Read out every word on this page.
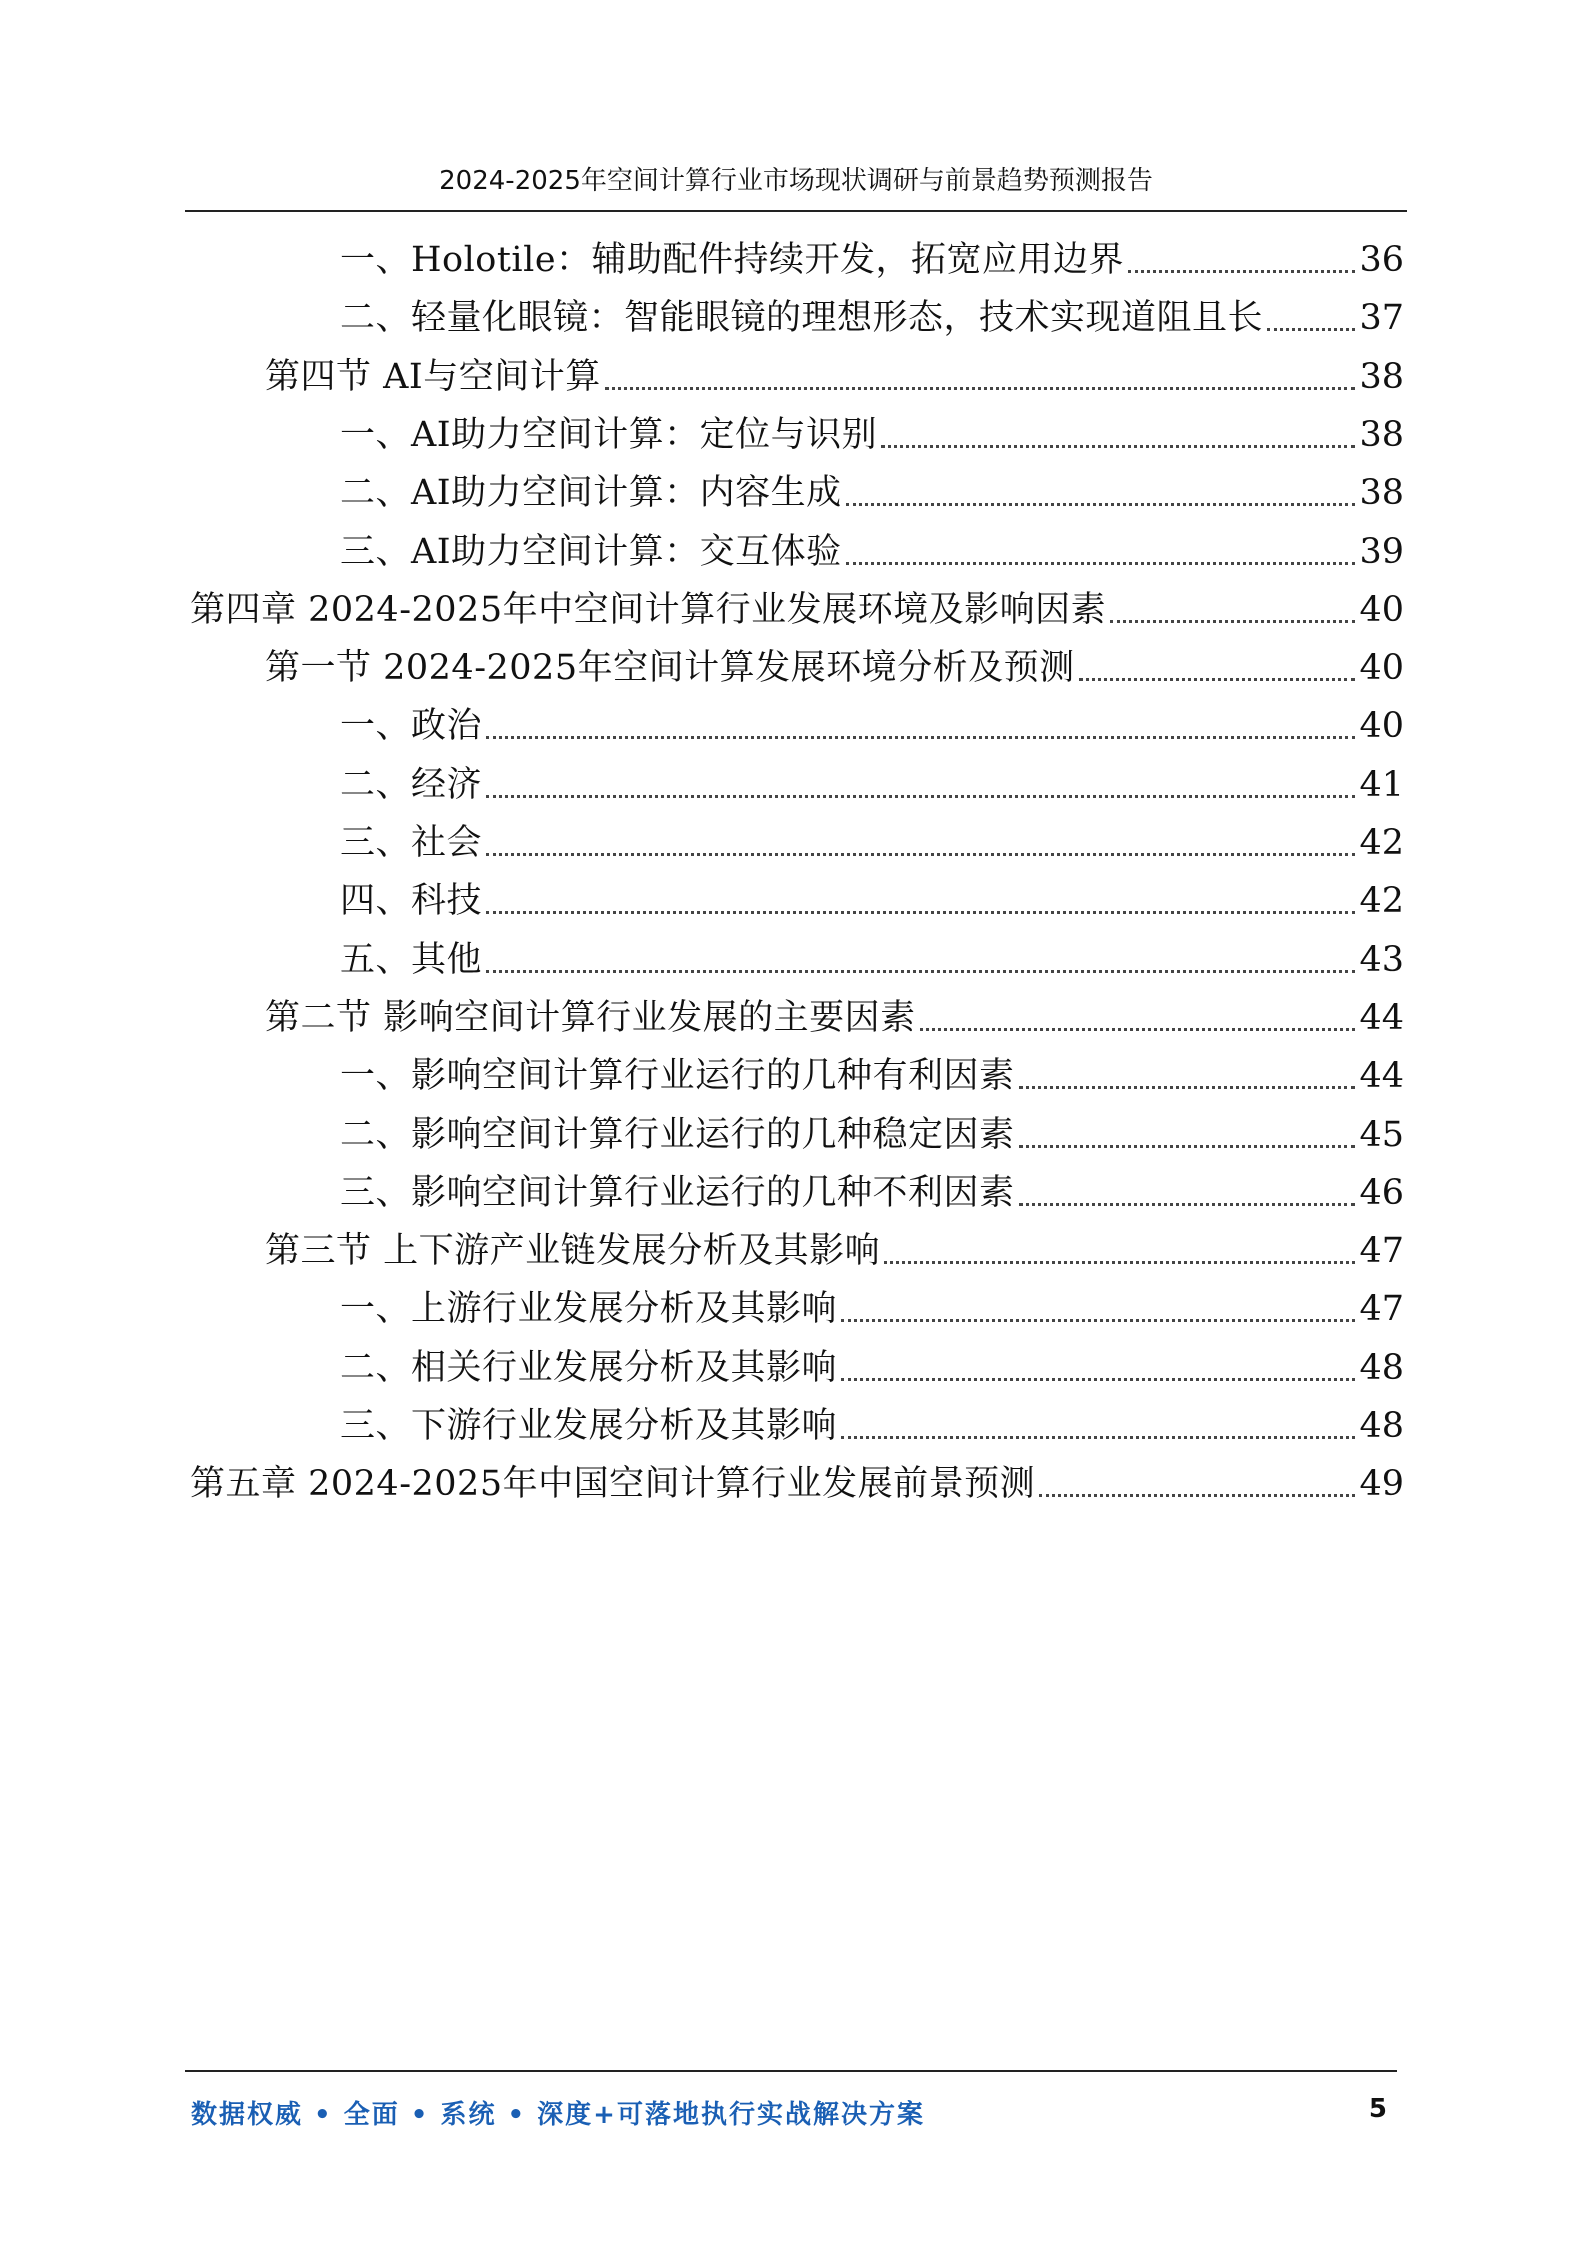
2024-2025年空间计算行业市场现状调研与前景趋势预测报告
一、Holotile：辅助配件持续开发，拓宽应用边界	36
二、轻量化眼镜：智能眼镜的理想形态，技术实现道阻且长	37
第四节 AI与空间计算	38
一、AI助力空间计算：定位与识别	38
二、AI助力空间计算：内容生成	38
三、AI助力空间计算：交互体验	39
第四章 2024-2025年中空间计算行业发展环境及影响因素	40
第一节 2024-2025年空间计算发展环境分析及预测	40
一、政治	40
二、经济	41
三、社会	42
四、科技	42
五、其他	43
第二节 影响空间计算行业发展的主要因素	44
一、影响空间计算行业运行的几种有利因素	44
二、影响空间计算行业运行的几种稳定因素	45
三、影响空间计算行业运行的几种不利因素	46
第三节 上下游产业链发展分析及其影响	47
一、上游行业发展分析及其影响	47
二、相关行业发展分析及其影响	48
三、下游行业发展分析及其影响	48
第五章 2024-2025年中国空间计算行业发展前景预测	49
数据权威 • 全面 • 系统 • 深度+可落地执行实战解决方案	5
